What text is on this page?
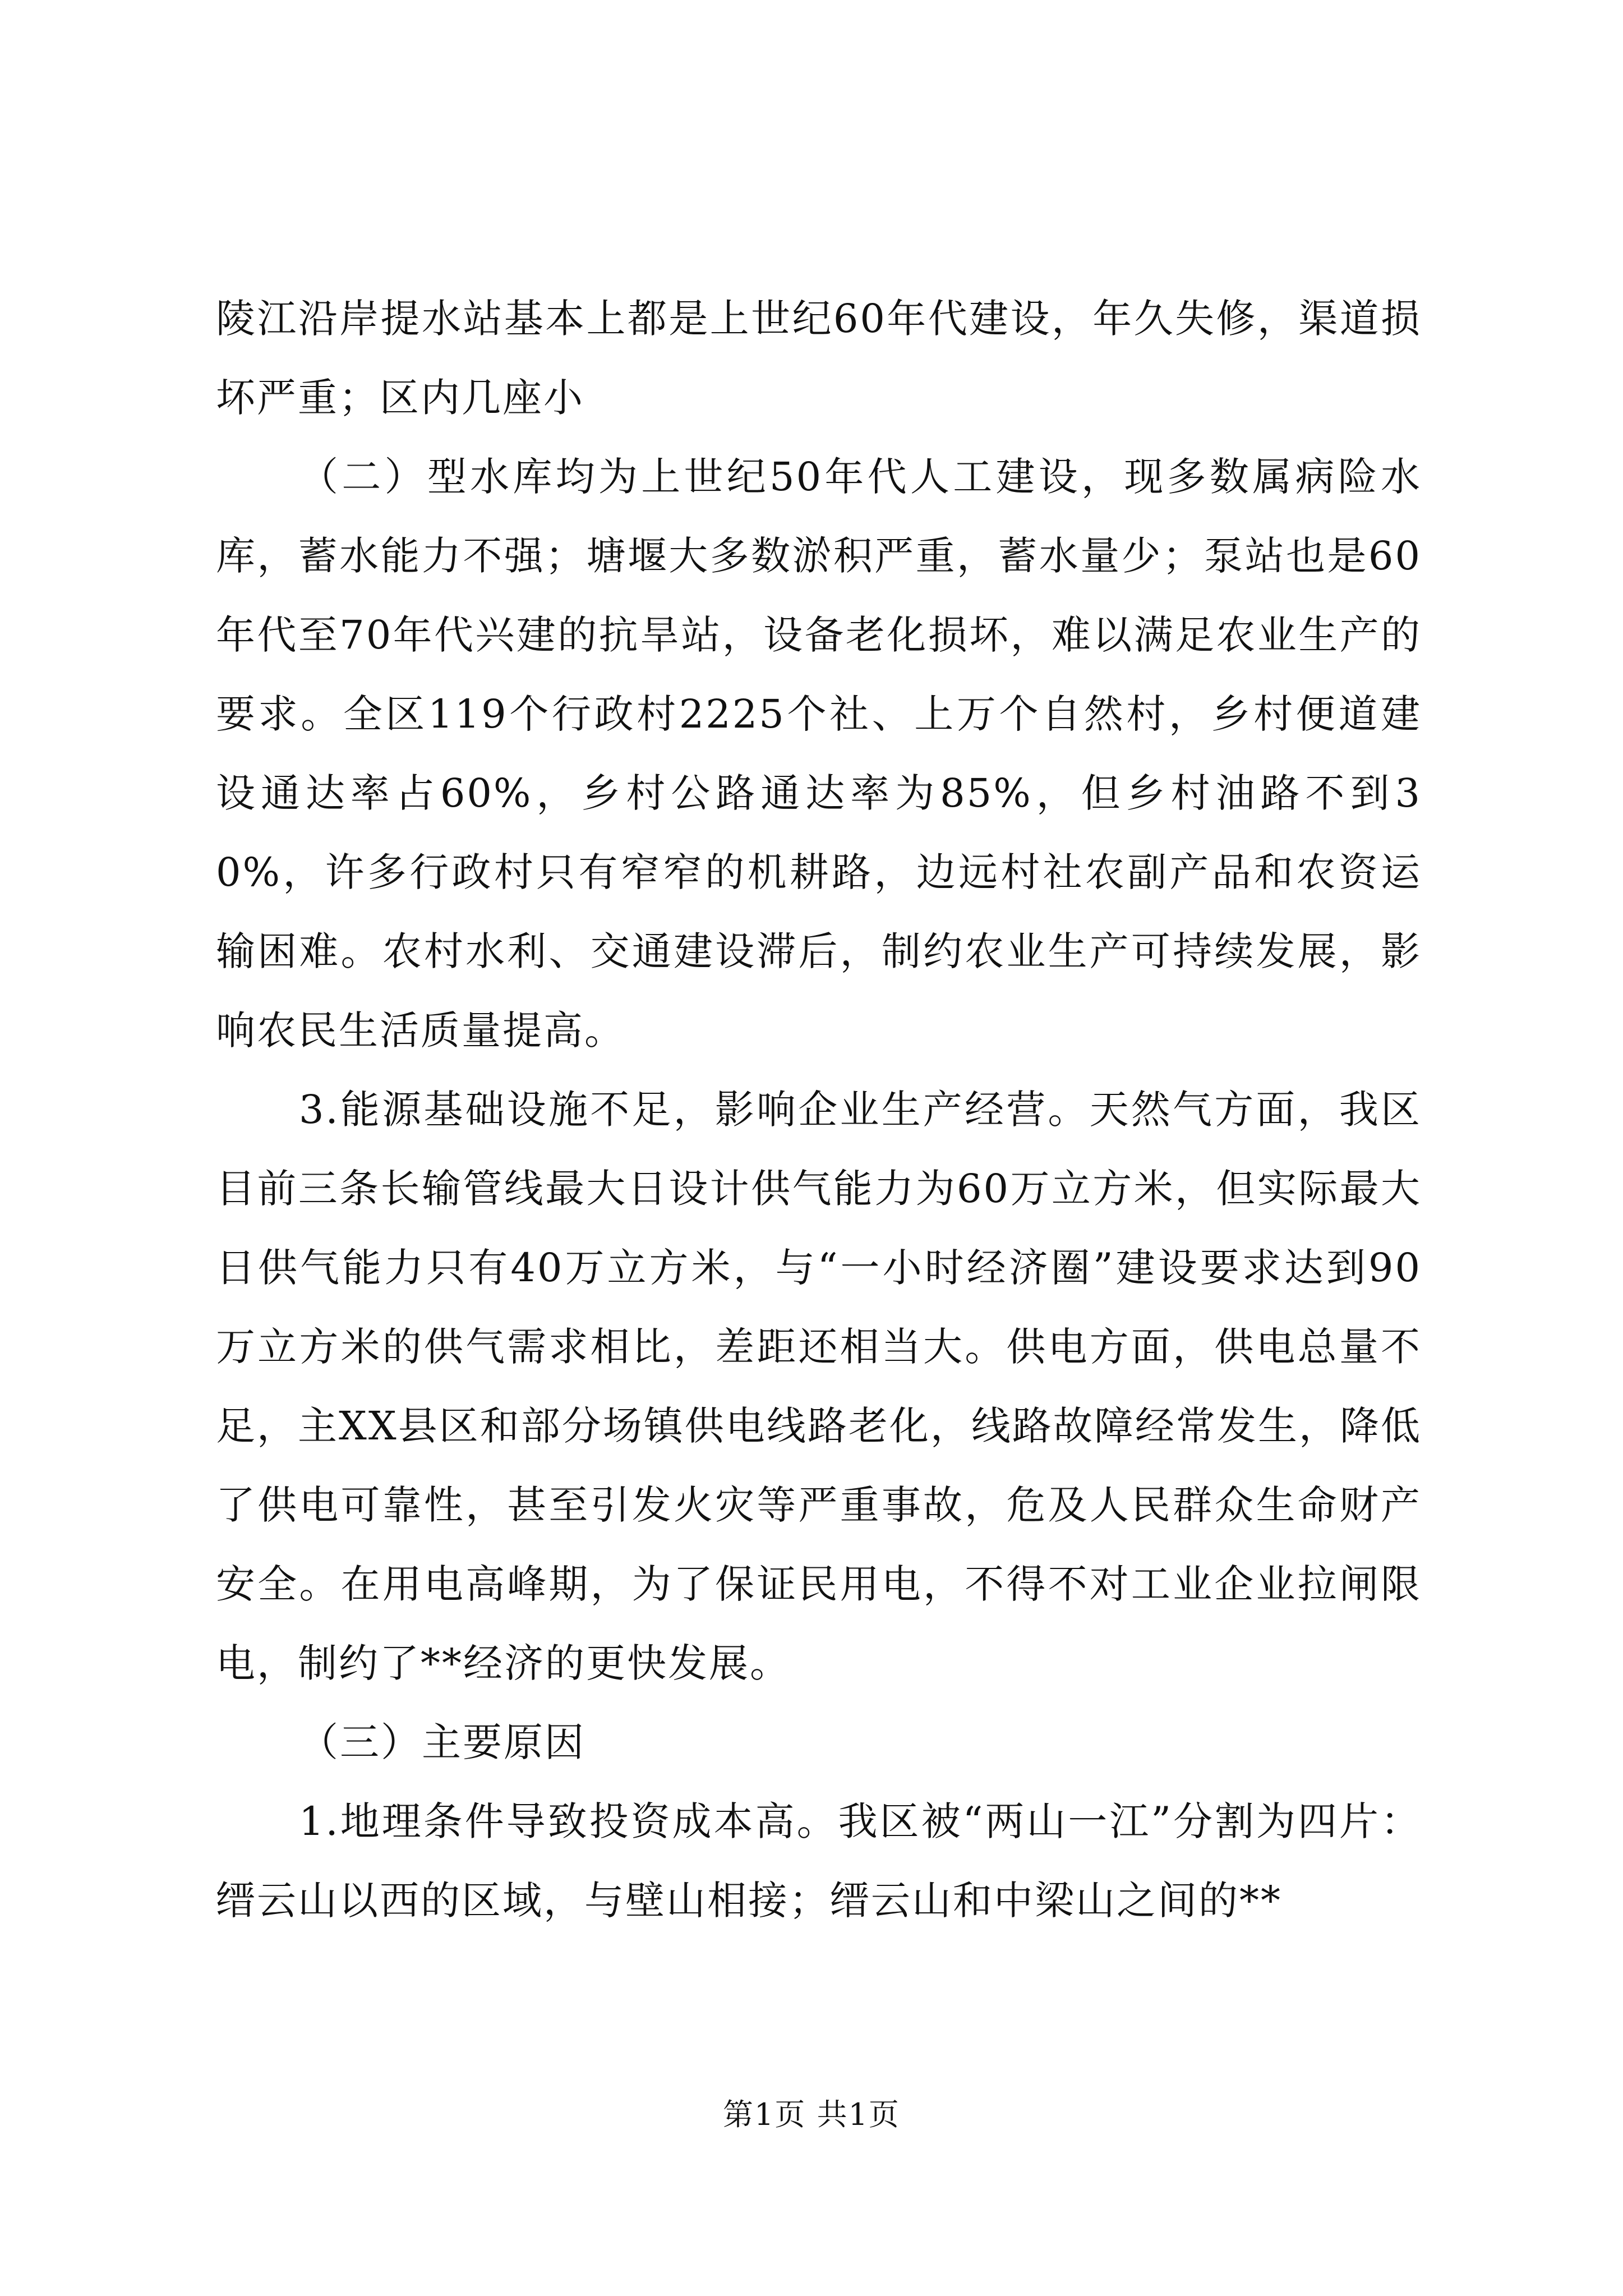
陵江沿岸提水站基本上都是上世纪60年代建设，年久失修，渠道损坏严重；区内几座小

（二）型水库均为上世纪50年代人工建设，现多数属病险水库，蓄水能力不强；塘堰大多数淤积严重，蓄水量少；泵站也是60年代至70年代兴建的抗旱站，设备老化损坏，难以满足农业生产的要求。全区119个行政村2225个社、上万个自然村，乡村便道建设通达率占60%，乡村公路通达率为85%，但乡村油路不到30%，许多行政村只有窄窄的机耕路，边远村社农副产品和农资运输困难。农村水利、交通建设滞后，制约农业生产可持续发展，影响农民生活质量提高。

3.能源基础设施不足，影响企业生产经营。天然气方面，我区目前三条长输管线最大日设计供气能力为60万立方米，但实际最大日供气能力只有40万立方米，与“一小时经济圈”建设要求达到90万立方米的供气需求相比，差距还相当大。供电方面，供电总量不足，主XX县区和部分场镇供电线路老化，线路故障经常发生，降低了供电可靠性，甚至引发火灾等严重事故，危及人民群众生命财产安全。在用电高峰期，为了保证民用电，不得不对工业企业拉闸限电，制约了**经济的更快发展。

（三）主要原因

1.地理条件导致投资成本高。我区被“两山一江”分割为四片：缙云山以西的区域，与壁山相接；缙云山和中梁山之间的**

第1页 共1页
